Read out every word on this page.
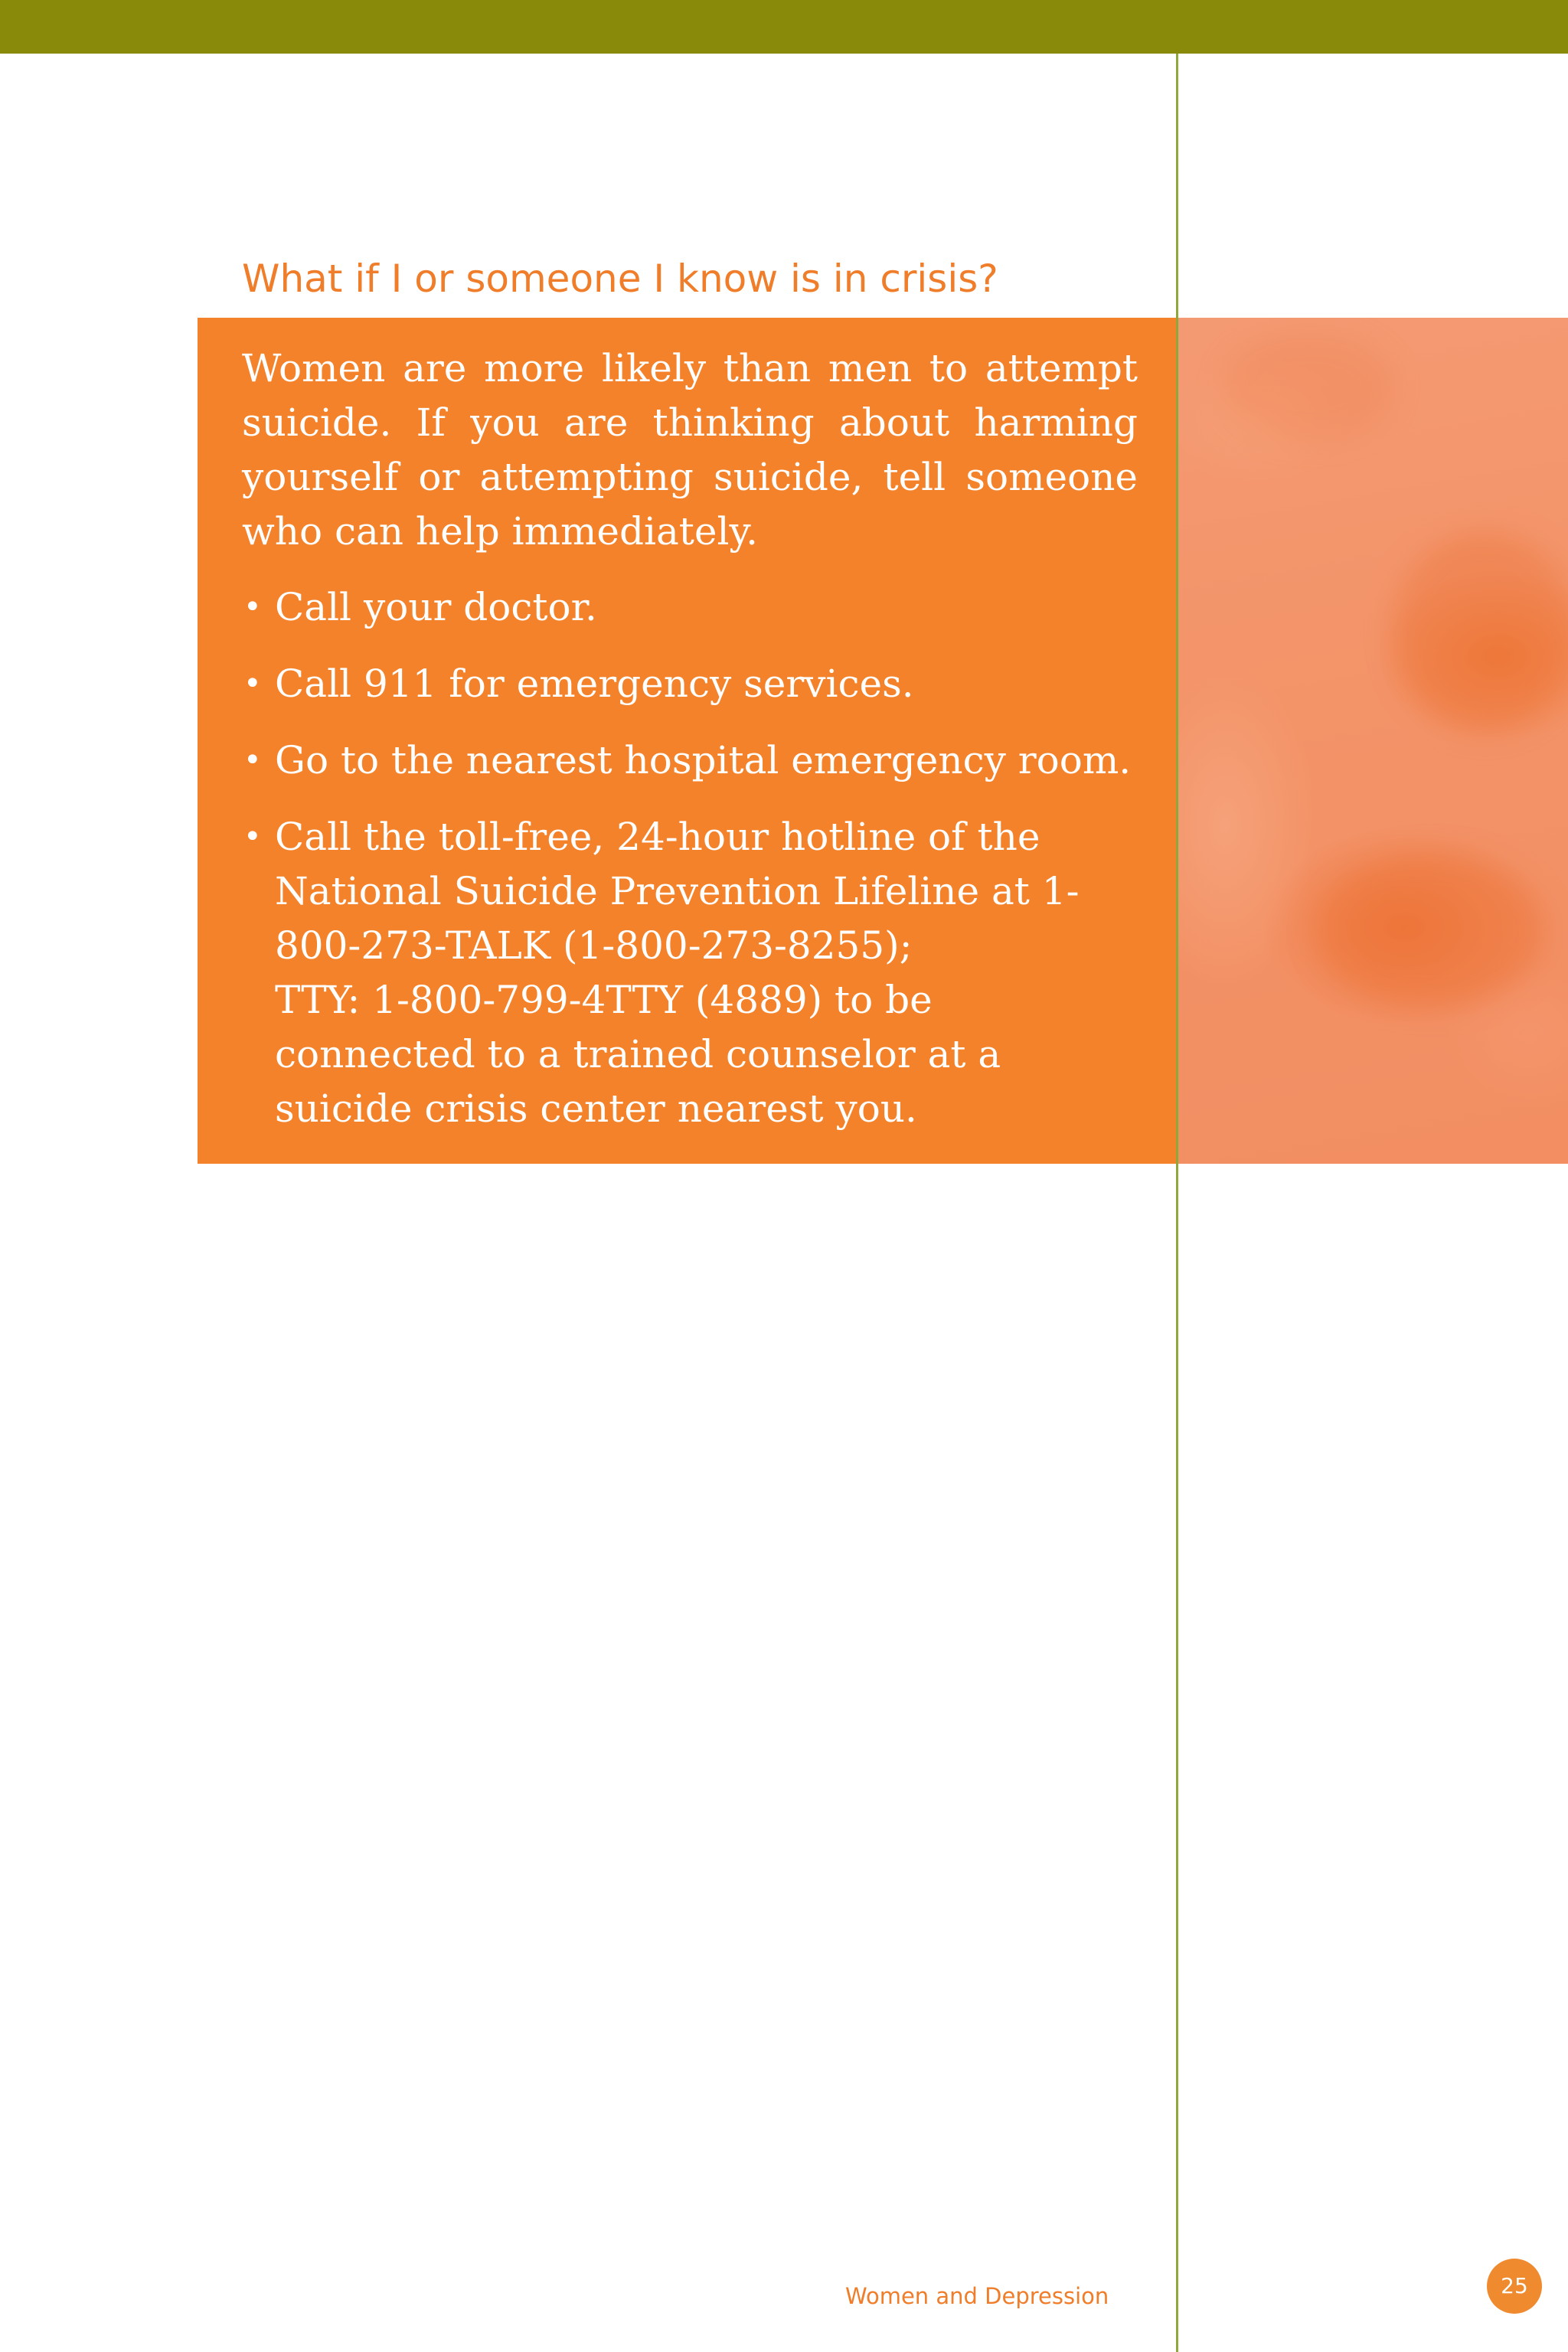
What if I or someone I know is in crisis?

Women are more likely than men to attempt suicide. If you are thinking about harming yourself or attempting suicide, tell someone who can help immediately.

• Call your doctor.
• Call 911 for emergency services.
• Go to the nearest hospital emergency room.
• Call the toll-free, 24-hour hotline of the National Suicide Prevention Lifeline at 1-800-273-TALK (1-800-273-8255);
TTY: 1-800-799-4TTY (4889) to be connected to a trained counselor at a suicide crisis center nearest you.
Women and Depression	25
